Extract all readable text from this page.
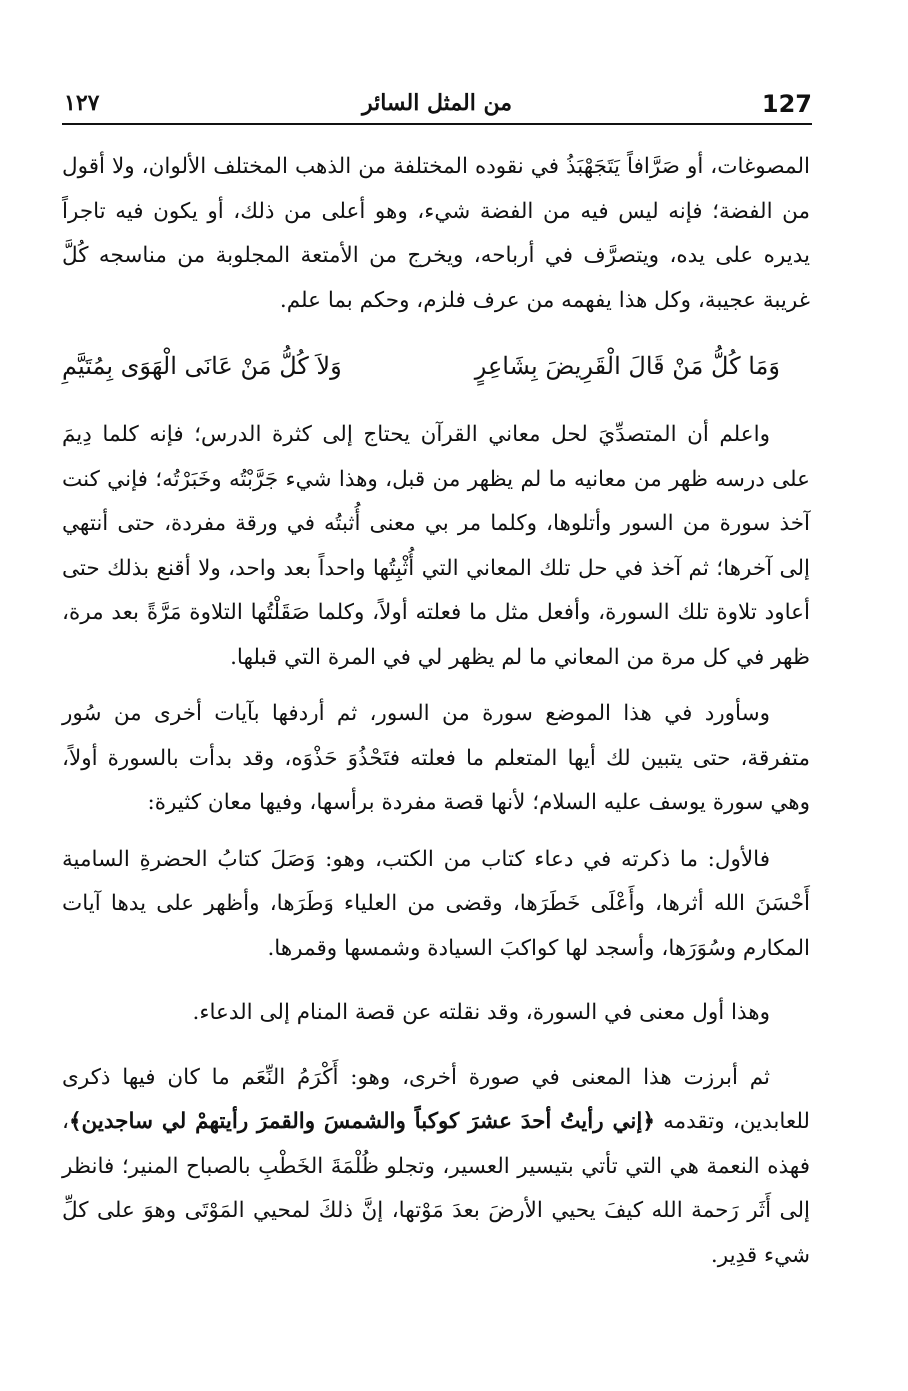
127
من المثل السائر
١٢٧

المصوغات، أو صَرَّافاً يَتَجَهْبَذُ في نقوده المختلفة من الذهب المختلف الألوان، ولا أقول من الفضة؛ فإنه ليس فيه من الفضة شيء، وهو أعلى من ذلك، أو يكون فيه تاجراً يديره على يده، ويتصرَّف في أرباحه، ويخرج من الأمتعة المجلوبة من مناسجه كُلَّ غريبة عجيبة، وكل هذا يفهمه من عرف فلزم، وحكم بما علم.

وَمَا كُلُّ مَنْ قَالَ الْقَرِيضَ بِشَاعِرٍ
وَلاَ كُلُّ مَنْ عَانَى الْهَوَى بِمُتَيَّمِ

واعلم أن المتصدِّيَ لحل معاني القرآن يحتاج إلى كثرة الدرس؛ فإنه كلما دِيمَ على درسه ظهر من معانيه ما لم يظهر من قبل، وهذا شيء جَرَّبْتُه وخَبَرْتُه؛ فإني كنت آخذ سورة من السور وأتلوها، وكلما مر بي معنى أُثبتُه في ورقة مفردة، حتى أنتهي إلى آخرها؛ ثم آخذ في حل تلك المعاني التي أُثْبِتُها واحداً بعد واحد، ولا أقنع بذلك حتى أعاود تلاوة تلك السورة، وأفعل مثل ما فعلته أولاً، وكلما صَقَلْتُها التلاوة مَرَّةً بعد مرة، ظهر في كل مرة من المعاني ما لم يظهر لي في المرة التي قبلها.

وسأورد في هذا الموضع سورة من السور، ثم أردفها بآيات أخرى من سُور متفرقة، حتى يتبين لك أيها المتعلم ما فعلته فتَحْذُوَ حَذْوَه، وقد بدأت بالسورة أولاً، وهي سورة يوسف عليه السلام؛ لأنها قصة مفردة برأسها، وفيها معان كثيرة:

فالأول: ما ذكرته في دعاء كتاب من الكتب، وهو: وَصَلَ كتابُ الحضرةِ السامية أَحْسَنَ الله أثرها، وأَعْلَى خَطَرَها، وقضى من العلياء وَطَرَها، وأظهر على يدها آيات المكارم وسُوَرَها، وأسجد لها كواكبَ السيادة وشمسها وقمرها.

وهذا أول معنى في السورة، وقد نقلته عن قصة المنام إلى الدعاء.

ثم أبرزت هذا المعنى في صورة أخرى، وهو: أَكْرَمُ النِّعَم ما كان فيها ذكرى للعابدين، وتقدمه ﴿إني رأيتُ أحدَ عشرَ كوكباً والشمسَ والقمرَ رأيتهمْ لي ساجدين﴾، فهذه النعمة هي التي تأتي بتيسير العسير، وتجلو ظُلْمَةَ الخَطْبِ بالصباح المنير؛ فانظر إلى أَثَر رَحمة الله كيفَ يحيي الأرضَ بعدَ مَوْتها، إنَّ ذلكَ لمحيي المَوْتَى وهوَ على كلِّ شيء قدِير.
